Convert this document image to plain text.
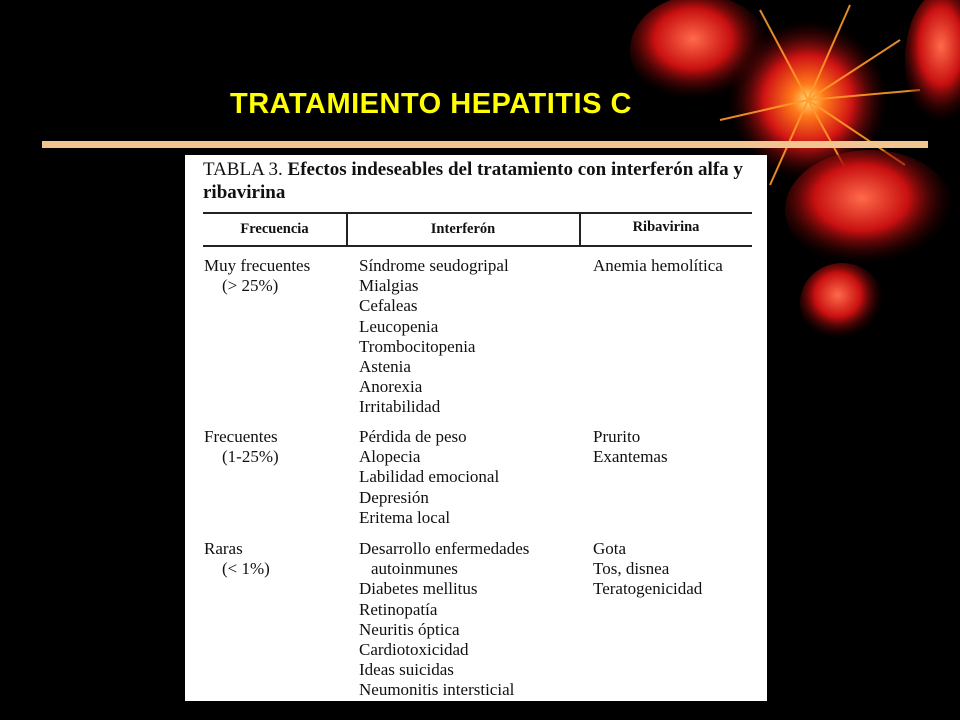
TRATAMIENTO HEPATITIS C

TABLA 3. Efectos indeseables del tratamiento con interferón alfa y ribavirina

Frecuencia	Interferón	Ribavirina

Muy frecuentes
(> 25%)
Síndrome seudogripal
Mialgias
Cefaleas
Leucopenia
Trombocitopenia
Astenia
Anorexia
Irritabilidad
Anemia hemolítica
Frecuentes
(1-25%)
Pérdida de peso
Alopecia
Labilidad emocional
Depresión
Eritema local
Prurito
Exantemas
Raras
(< 1%)
Desarrollo enfermedades
autoinmunes
Diabetes mellitus
Retinopatía
Neuritis óptica
Cardiotoxicidad
Ideas suicidas
Neumonitis intersticial
Gota
Tos, disnea
Teratogenicidad
